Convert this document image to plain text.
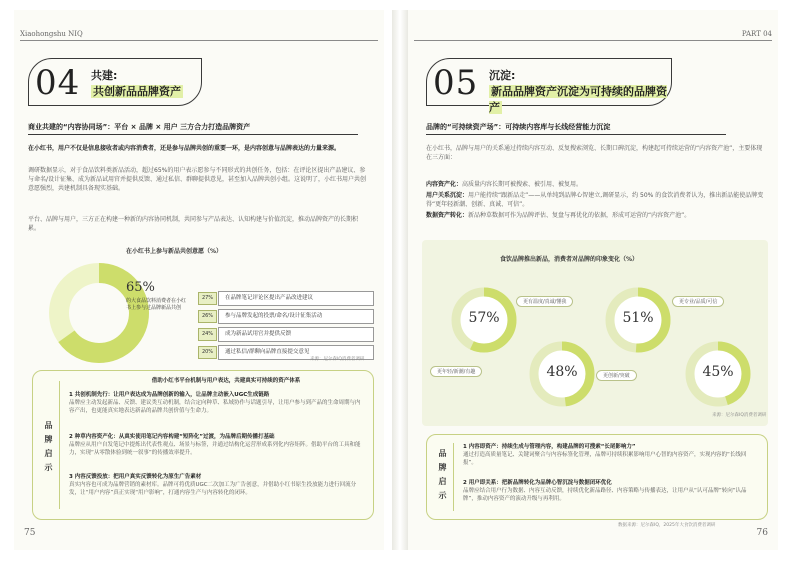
Xiaohongshu NIQ
04 共建:
共创新品品牌资产
商业共建的“内容协同场”：平台 × 品牌 × 用户 三方合力打造品牌资产
在小红书，用户不仅是信息接收者或内容消费者，还是参与品牌共创的重要一环，是内容创意与品牌表达的力量来源。
调研数据显示，对于食品饮料类新品活动，超过65%的用户表示愿参与不同形式的共创任务，包括：在评论区提出产品建议、参与命名/设计征集、成为新品试用官并提供反馈、通过私信、群聊提供意见，甚至加入品牌共创小组。这说明了，小红书用户共创意愿强烈，共建机制具备现实基础。
平台、品牌与用户，三方正在构建一种新的内容协同机制，共同参与产品表达、认知构建与价值沉淀，推动品牌资产的长期积累。
在小红书上参与新品共创意愿（%）
65%
的大食品饮料消费者在小红书上参与过品牌新品共创
27%	在品牌笔记评论区提出产品改进建议
26%	参与品牌发起的投票/命名/设计征集活动
24%	成为新品试用官并提供反馈
20%	通过私信/群聊向品牌直接提交意见
来源：尼尔森IQ消费者调研
品牌启示
借助小红书平台机制与用户表达，共建真实可持续的资产体系
1 共创机制先行：让用户表达成为品牌创新的输入，让品牌主动嵌入UGC生成链路
品牌应主动发起新品、反馈、建议类互动机制，结合定向种草、私域协作与话题引导，让用户参与到产品的生命周期与内容产出，也更能真实地表达新品的品牌共创价值与生命力。
2 种草内容资产化：从真实使用笔记内容构建“短阵化”过渡，为品牌后期传播打基础
品牌应从用户自发笔记中提炼出代表性观点、场景与标签，并通过结构化运营形成系列化内容矩阵。借助平台的工具和能力，实现“从零散体验到统一叙事”的传播效率提升。
3 内容反馈投放：把用户真实反馈转化为原生广告素材
真实内容也可成为品牌营销的素材库。品牌可将优质UGC二次加工为广告创意，并借助小红书原生投放能力进行回流分发，让“用户内容”真正实现“用户影响”，打通内容生产与内容转化的闭环。
75
PART 04
05 沉淀:
新品品牌资产沉淀为可持续的品牌资产
品牌的“可持续资产场”：可持续内容库与长线经营能力沉淀
在小红书，品牌与用户的关系通过持续内容互动、反复搜索浏览、长期口碑沉淀，构建起可持续运营的“内容资产池”，主要体现在三方面：
内容资产化：高质量内容长期可被搜索、被引用、被复用。
用户关系沉淀：用户能持续“跟新品走”——从单纯到品牌心智建立,调研显示，约 50% 的食饮消费者认为，推出新品能使品牌变得“更年轻新潮、创新、真诚、可信”。
数据资产转化：新品种草数据可作为品牌评估、复盘与再优化的依据，形成可运营的“内容资产池”。
食饮品牌推出新品，消费者对品牌的印象变化（%）
57%
更年轻/新潮/有趣	48%
更有温度/真诚/懂我
51%
更创新/突破	45%
更专业/品质/可信
来源：尼尔森IQ消费者调研
品牌启示
1 内容即资产：持续生成与管理内容，构建品牌的可搜索“长尾影响力”
通过打造高质量笔记、关键词聚合与内容标签化管理，品牌可持续积累影响用户心智的内容资产，实现内容的“长线回报”。
2 用户即关系：把新品牌转化为品牌心智沉淀与数据闭环优化
品牌应结合用户行为数据、内容互动反馈，持续优化新品路径、内容策略与传播表达，让用户从“认可品牌”转向“认品牌”，推动内容资产的演动升级与再利用。
数据来源：尼尔森IQ，2025年大食饮消费者调研
76
